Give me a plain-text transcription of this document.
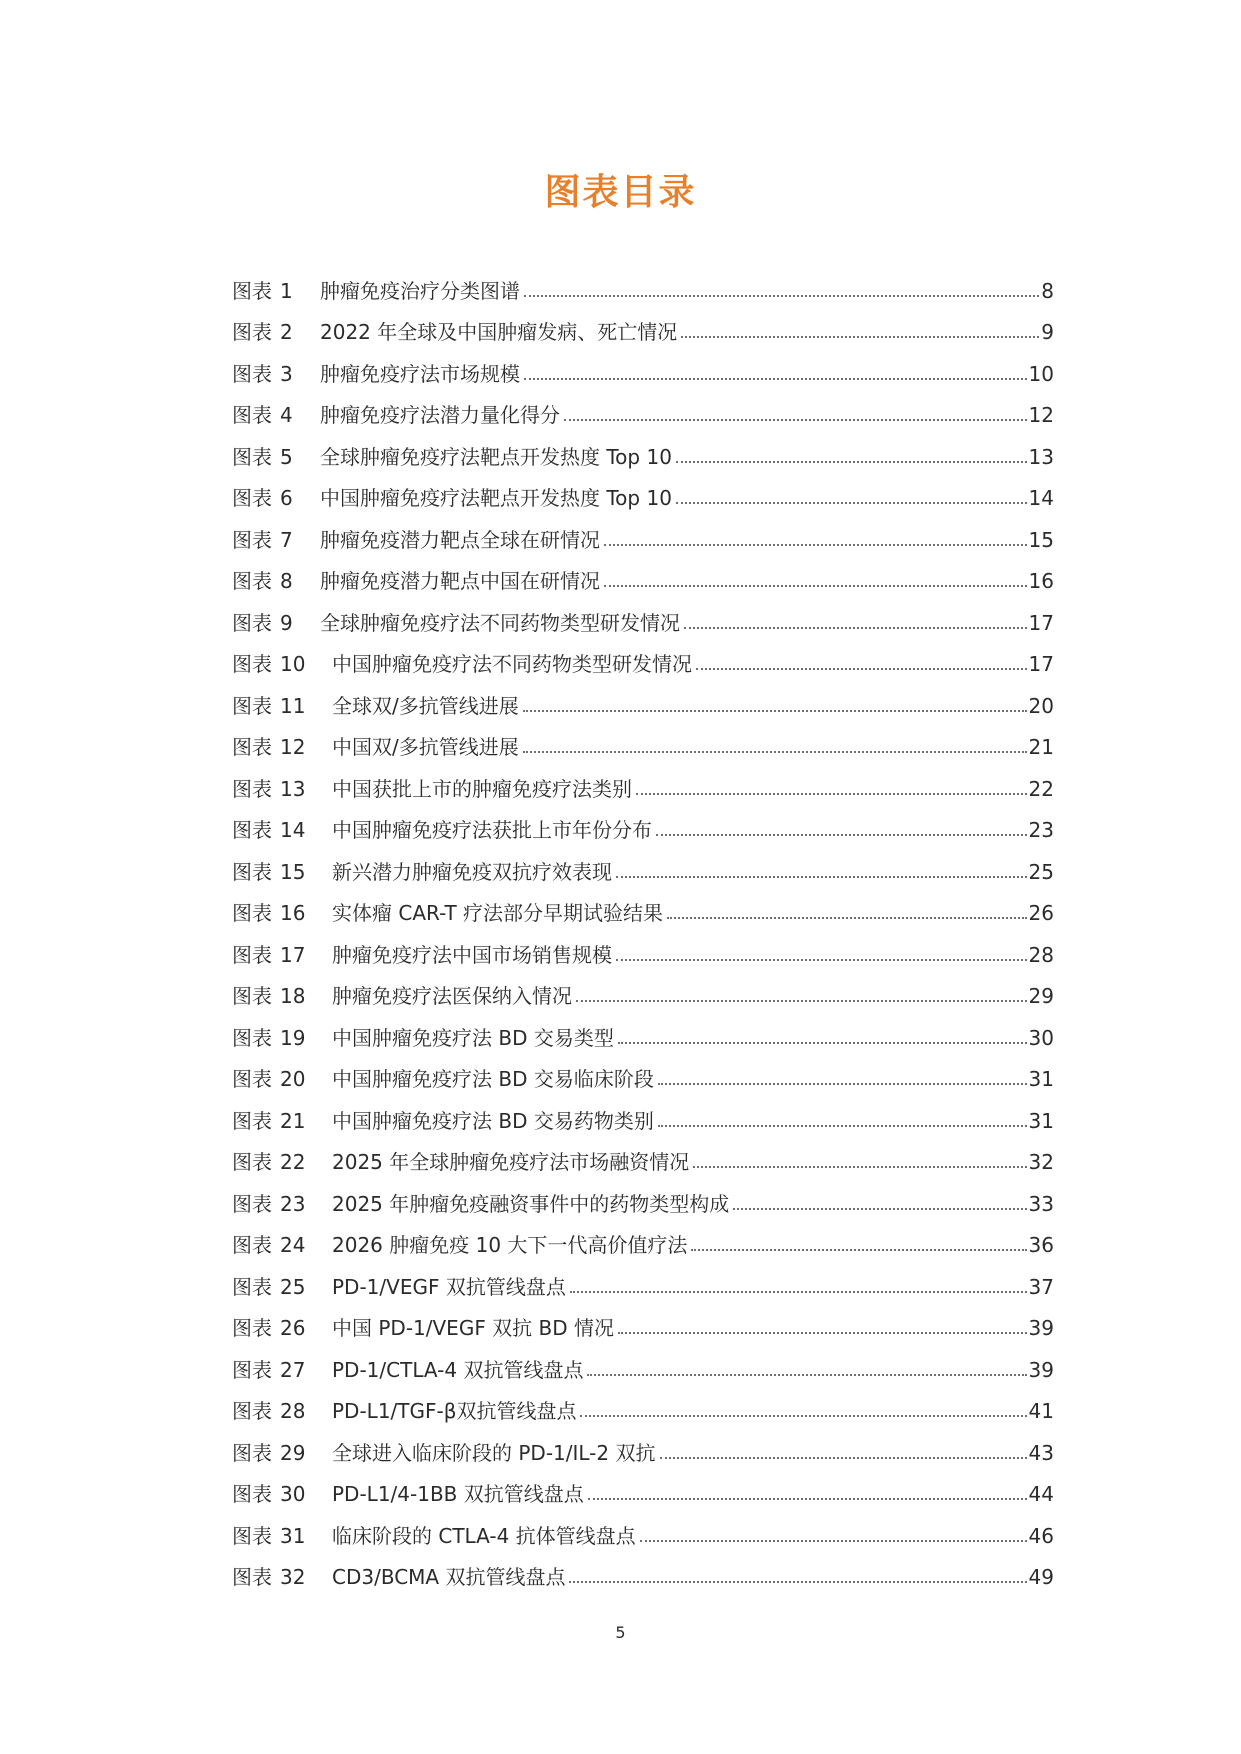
图表目录
图表 1	肿瘤免疫治疗分类图谱	8
图表 2	2022 年全球及中国肿瘤发病、死亡情况	9
图表 3	肿瘤免疫疗法市场规模	10
图表 4	肿瘤免疫疗法潜力量化得分	12
图表 5	全球肿瘤免疫疗法靶点开发热度 Top 10	13
图表 6	中国肿瘤免疫疗法靶点开发热度 Top 10	14
图表 7	肿瘤免疫潜力靶点全球在研情况	15
图表 8	肿瘤免疫潜力靶点中国在研情况	16
图表 9	全球肿瘤免疫疗法不同药物类型研发情况	17
图表 10	中国肿瘤免疫疗法不同药物类型研发情况	17
图表 11	全球双/多抗管线进展	20
图表 12	中国双/多抗管线进展	21
图表 13	中国获批上市的肿瘤免疫疗法类别	22
图表 14	中国肿瘤免疫疗法获批上市年份分布	23
图表 15	新兴潜力肿瘤免疫双抗疗效表现	25
图表 16	实体瘤 CAR-T 疗法部分早期试验结果	26
图表 17	肿瘤免疫疗法中国市场销售规模	28
图表 18	肿瘤免疫疗法医保纳入情况	29
图表 19	中国肿瘤免疫疗法 BD 交易类型	30
图表 20	中国肿瘤免疫疗法 BD 交易临床阶段	31
图表 21	中国肿瘤免疫疗法 BD 交易药物类别	31
图表 22	2025 年全球肿瘤免疫疗法市场融资情况	32
图表 23	2025 年肿瘤免疫融资事件中的药物类型构成	33
图表 24	2026 肿瘤免疫 10 大下一代高价值疗法	36
图表 25	PD-1/VEGF 双抗管线盘点	37
图表 26	中国 PD-1/VEGF 双抗 BD 情况	39
图表 27	PD-1/CTLA-4 双抗管线盘点	39
图表 28	PD-L1/TGF-β双抗管线盘点	41
图表 29	全球进入临床阶段的 PD-1/IL-2 双抗	43
图表 30	PD-L1/4-1BB 双抗管线盘点	44
图表 31	临床阶段的 CTLA-4 抗体管线盘点	46
图表 32	CD3/BCMA 双抗管线盘点	49
5
